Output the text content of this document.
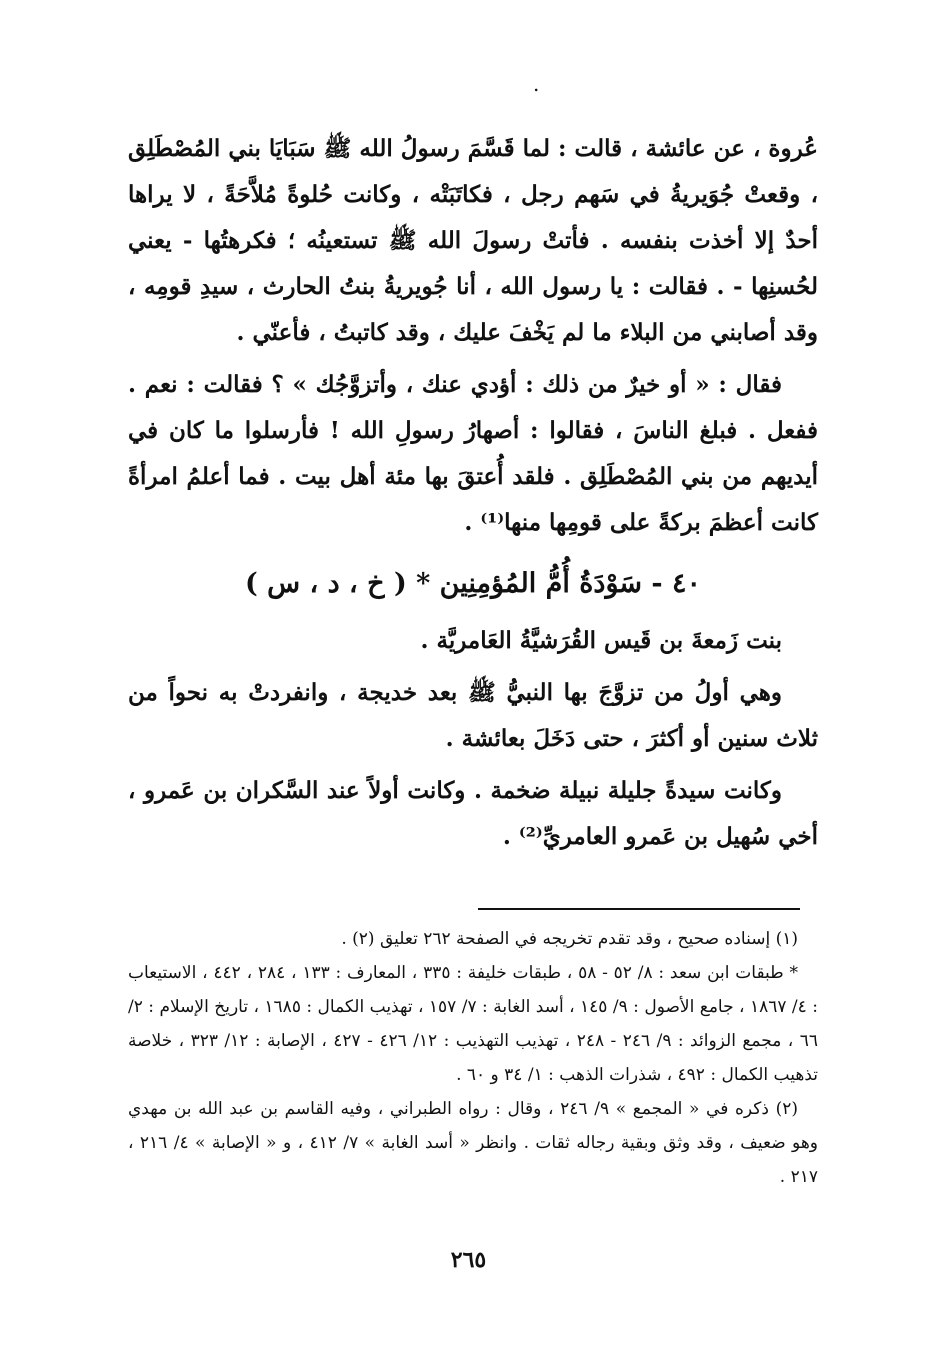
.

عُروة ، عن عائشة ، قالت : لما قَسَّمَ رسولُ الله ﷺ سَبَايَا بني المُصْطَلِق ، وقعتْ جُوَيريةُ في سَهم رجل ، فكاتَبَتْه ، وكانت حُلوةً مُلاَّحَةً ، لا يراها أحدٌ إلا أخذت بنفسه . فأتتْ رسولَ الله ﷺ تستعينُه ؛ فكرهتُها - يعني لحُسنِها - . فقالت : يا رسول الله ، أنا جُويريةُ بنتُ الحارث ، سيدِ قومِه ، وقد أصابني من البلاء ما لم يَخْفَ عليك ، وقد كاتبتُ ، فأعنّي .

فقال : « أو خيرٌ من ذلك : أؤدي عنك ، وأتزوَّجُك » ؟ فقالت : نعم . ففعل . فبلغ الناسَ ، فقالوا : أصهارُ رسولِ الله ! فأرسلوا ما كان في أيديهم من بني المُصْطَلِق . فلقد أُعتقَ بها مئة أهل بيت . فما أعلمُ امرأةً كانت أعظمَ بركةً على قومِها منها⁽¹⁾ .

٤٠ - سَوْدَةُ أُمُّ المُؤمِنِين * ( خ ، د ، س )

بنت زَمعةَ بن قَيس القُرَشيَّةُ العَامريَّة .

وهي أولُ من تزوَّجَ بها النبيُّ ﷺ بعد خديجة ، وانفردتْ به نحواً من ثلاث سنين أو أكثرَ ، حتى دَخَلَ بعائشة .

وكانت سيدةً جليلة نبيلة ضخمة . وكانت أولاً عند السَّكران بن عَمرو ، أخي سُهيل بن عَمرو العامريِّ⁽²⁾ .

(١) إسناده صحيح ، وقد تقدم تخريجه في الصفحة ٢٦٢ تعليق (٢) .

* طبقات ابن سعد : ٨/ ٥٢ - ٥٨ ، طبقات خليفة : ٣٣٥ ، المعارف : ١٣٣ ، ٢٨٤ ، ٤٤٢ ، الاستيعاب : ٤/ ١٨٦٧ ، جامع الأصول : ٩/ ١٤٥ ، أسد الغابة : ٧/ ١٥٧ ، تهذيب الكمال : ١٦٨٥ ، تاريخ الإسلام : ٢/ ٦٦ ، مجمع الزوائد : ٩/ ٢٤٦ - ٢٤٨ ، تهذيب التهذيب : ١٢/ ٤٢٦ - ٤٢٧ ، الإصابة : ١٢/ ٣٢٣ ، خلاصة تذهيب الكمال : ٤٩٢ ، شذرات الذهب : ١/ ٣٤ و ٦٠ .

(٢) ذكره في « المجمع » ٩/ ٢٤٦ ، وقال : رواه الطبراني ، وفيه القاسم بن عبد الله بن مهدي وهو ضعيف ، وقد وثق وبقية رجاله ثقات . وانظر « أسد الغابة » ٧/ ٤١٢ ، و « الإصابة » ٤/ ٢١٦ ، ٢١٧ .

٢٦٥
